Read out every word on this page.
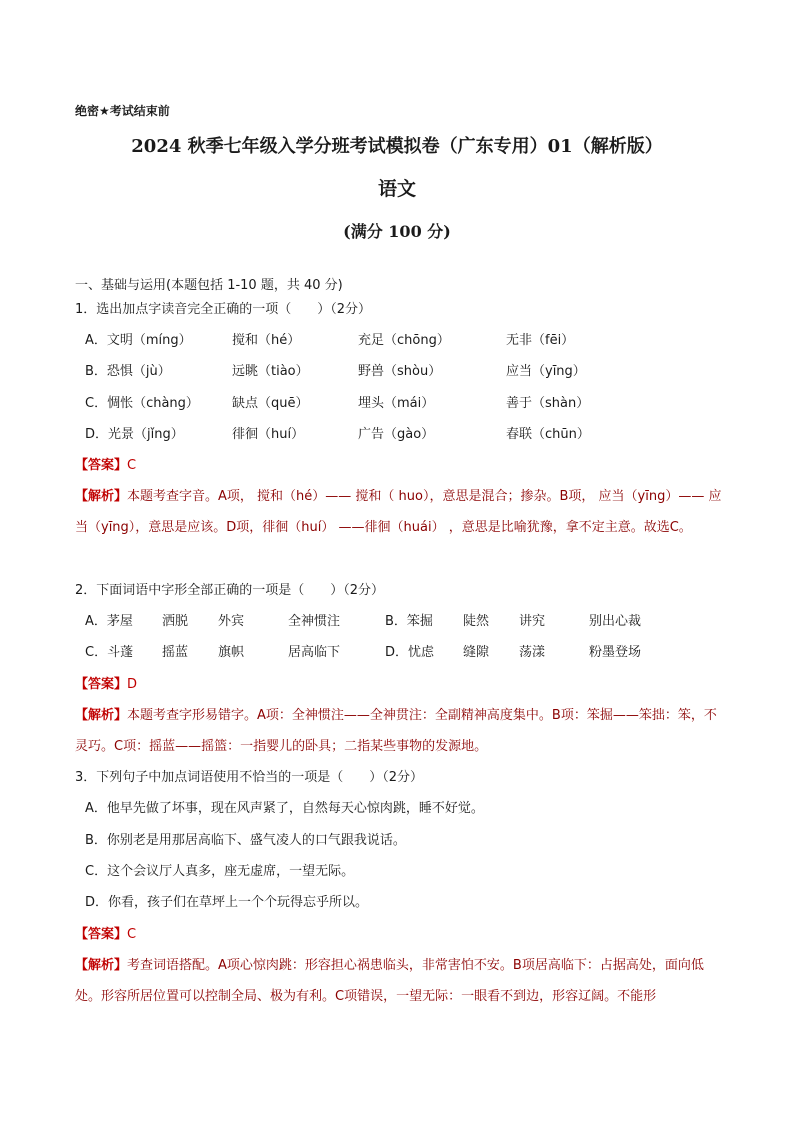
绝密★考试结束前
2024 秋季七年级入学分班考试模拟卷（广东专用）01（解析版）
语文
(满分 100 分)
一、基础与运用(本题包括 1-10 题，共 40 分)
1．选出加点字读音完全正确的一项（　　）（2分）
A．文明（míng）	搅和（hé）	充足（chōng）	无非（fēi）
B．恐惧（jù）	远眺（tiào）	野兽（shòu）	应当（yīng）
C．惆怅（chàng）	缺点（quē）	埋头（mái）	善于（shàn）
D．光景（jǐng）	徘徊（huí）	广告（gào）	春联（chūn）
【答案】C
【解析】本题考查字音。A项， 搅和（hé）—— 搅和（ huo），意思是混合；掺杂。B项， 应当（yīng）—— 应当（yīng），意思是应该。D项，徘徊（huí） ——徘徊（huái） ，意思是比喻犹豫，拿不定主意。故选C。
2．下面词语中字形全部正确的一项是（　　）（2分）
A．茅屋 洒脱 外宾	全神惯注	B．笨掘 陡然 讲究	别出心裁
C．斗蓬 摇蓝 旗帜	居高临下	D．忧虑 缝隙 荡漾	粉墨登场
【答案】D
【解析】本题考查字形易错字。A项：全神惯注——全神贯注：全副精神高度集中。B项：笨掘——笨拙：笨，不灵巧。C项：摇蓝——摇篮：一指婴儿的卧具；二指某些事物的发源地。
3．下列句子中加点词语使用不恰当的一项是（　　）（2分）
A．他早先做了坏事，现在风声紧了，自然每天心惊肉跳，睡不好觉。
B．你别老是用那居高临下、盛气凌人的口气跟我说话。
C．这个会议厅人真多，座无虚席，一望无际。
D．你看，孩子们在草坪上一个个玩得忘乎所以。
【答案】C
【解析】考查词语搭配。A项心惊肉跳：形容担心祸患临头，非常害怕不安。B项居高临下：占据高处，面向低处。形容所居位置可以控制全局、极为有利。C项错误，一望无际：一眼看不到边，形容辽阔。不能形
